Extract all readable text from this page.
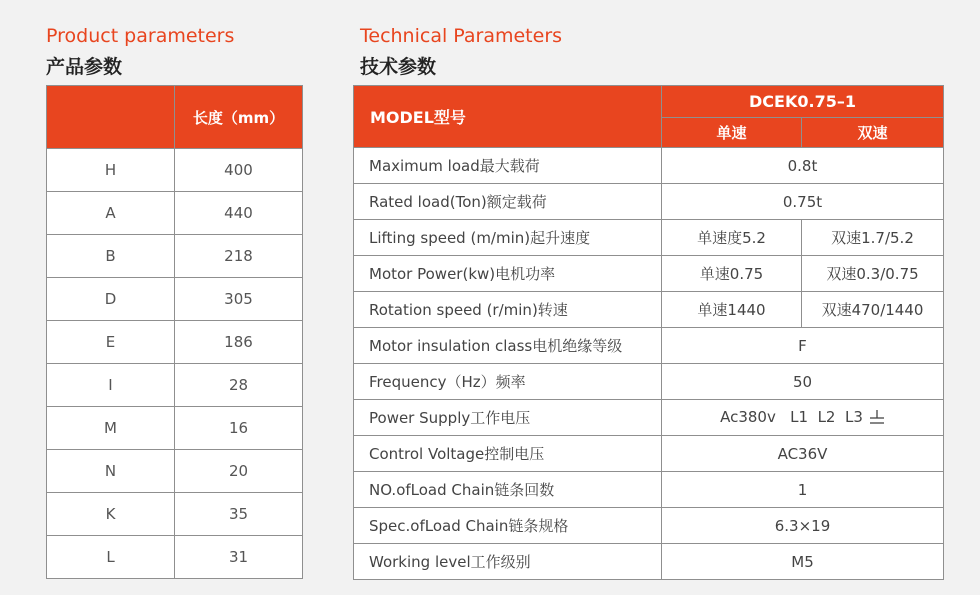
Product parameters
产品参数
Technical Parameters
技术参数
	长度（mm）
H	400
A	440
B	218
D	305
E	186
I	28
M	16
N	20
K	35
L	31
MODEL型号	DCEK0.75–1	
	单速	双速
Maximum load最大载荷	0.8t	
Rated load(Ton)额定载荷	0.75t	
Lifting speed (m/min)起升速度	单速度5.2	双速1.7/5.2
Motor Power(kw)电机功率	单速0.75	双速0.3/0.75
Rotation speed (r/min)转速	单速1440	双速470/1440
Motor insulation class电机绝缘等级	F	
Frequency（Hz）频率	50	
Power Supply工作电压	Ac380v   L1  L2  L3	
Control Voltage控制电压	AC36V	
NO.ofLoad Chain链条回数	1	
Spec.ofLoad Chain链条规格	6.3×19	
Working level工作级别	M5	
